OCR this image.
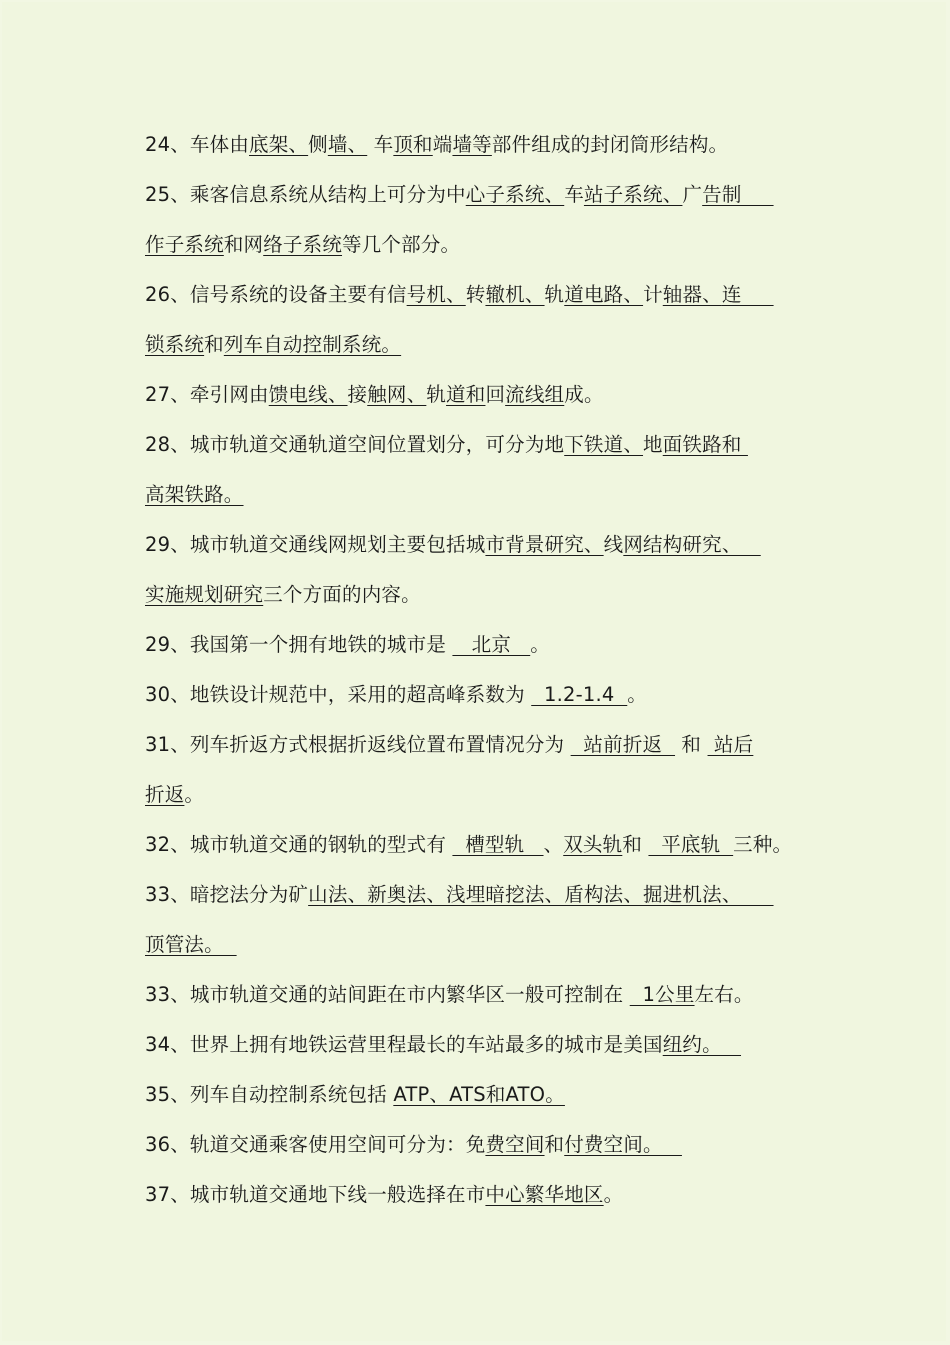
24、车体由底架、侧墙、 车顶和端墙等部件组成的封闭筒形结构。
25、乘客信息系统从结构上可分为中心子系统、车站子系统、广告制
作子系统和网络子系统等几个部分。
26、信号系统的设备主要有信号机、转辙机、轨道电路、计轴器、连
锁系统和列车自动控制系统。
27、牵引网由馈电线、接触网、轨道和回流线组成。
28、城市轨道交通轨道空间位置划分，可分为地下铁道、地面铁路和
高架铁路。
29、城市轨道交通线网规划主要包括城市背景研究、线网结构研究、
实施规划研究三个方面的内容。
29、我国第一个拥有地铁的城市是    北京   。
30、地铁设计规范中，采用的超高峰系数为   1.2-1.4  。
31、列车折返方式根据折返线位置布置情况分为   站前折返   和  站后
折返。
32、城市轨道交通的钢轨的型式有   槽型轨   、双头轨和   平底轨  三种。
33、暗挖法分为矿山法、新奥法、浅埋暗挖法、盾构法、掘进机法、
顶管法。
33、城市轨道交通的站间距在市内繁华区一般可控制在   1公里左右。
34、世界上拥有地铁运营里程最长的车站最多的城市是美国纽约。
35、列车自动控制系统包括 ATP、ATS和ATO。
36、轨道交通乘客使用空间可分为：免费空间和付费空间。
37、城市轨道交通地下线一般选择在市中心繁华地区。
